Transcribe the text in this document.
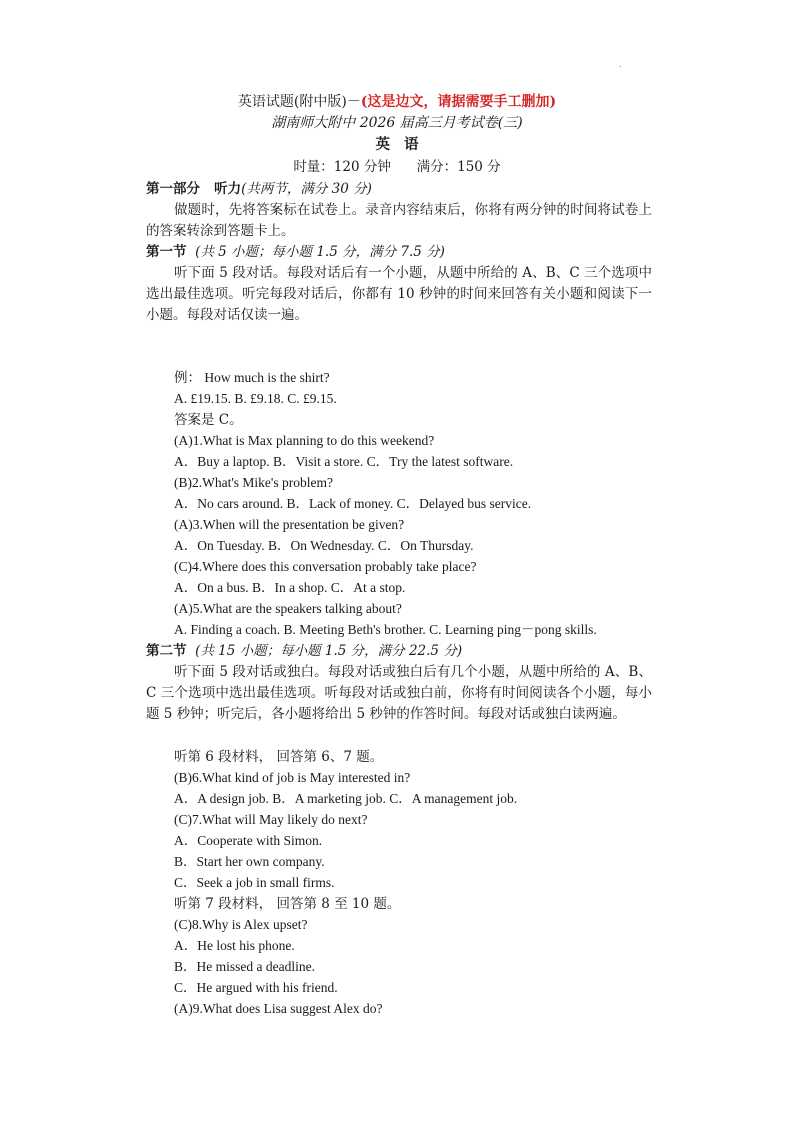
.
英语试题(附中版)－(这是边文，请据需要手工删加)
湖南师大附中 2026 届高三月考试卷(三)
英语
时量：120 分钟      满分：150 分
第一部分   听力(共两节，满分 30 分)
做题时，先将答案标在试卷上。录音内容结束后，你将有两分钟的时间将试卷上的答案转涂到答题卡上。
第一节 (共 5 小题；每小题 1.5 分，满分 7.5 分)
听下面 5 段对话。每段对话后有一个小题，从题中所给的 A、B、C 三个选项中选出最佳选项。听完每段对话后，你都有 10 秒钟的时间来回答有关小题和阅读下一小题。每段对话仅读一遍。
例： How much is the shirt?
A. £19.15. B. £9.18. C. £9.15.
答案是 C。
(A)1.What is Max planning to do this weekend?
A．Buy a laptop. B．Visit a store. C．Try the latest software.
(B)2.What's Mike's problem?
A．No cars around. B．Lack of money. C．Delayed bus service.
(A)3.When will the presentation be given?
A．On Tuesday. B．On Wednesday. C．On Thursday.
(C)4.Where does this conversation probably take place?
A．On a bus. B．In a shop. C．At a stop.
(A)5.What are the speakers talking about?
A. Finding a coach. B. Meeting Beth's brother. C. Learning ping－pong skills.
第二节 (共 15 小题；每小题 1.5 分，满分 22.5 分)
听下面 5 段对话或独白。每段对话或独白后有几个小题，从题中所给的 A、B、C 三个选项中选出最佳选项。听每段对话或独白前，你将有时间阅读各个小题，每小题 5 秒钟；听完后，各小题将给出 5 秒钟的作答时间。每段对话或独白读两遍。
听第 6 段材料， 回答第 6、7 题。
(B)6.What kind of job is May interested in?
A．A design job. B．A marketing job. C．A management job.
(C)7.What will May likely do next?
A．Cooperate with Simon.
B．Start her own company.
C．Seek a job in small firms.
听第 7 段材料， 回答第 8 至 10 题。
(C)8.Why is Alex upset?
A．He lost his phone.
B．He missed a deadline.
C．He argued with his friend.
(A)9.What does Lisa suggest Alex do?
